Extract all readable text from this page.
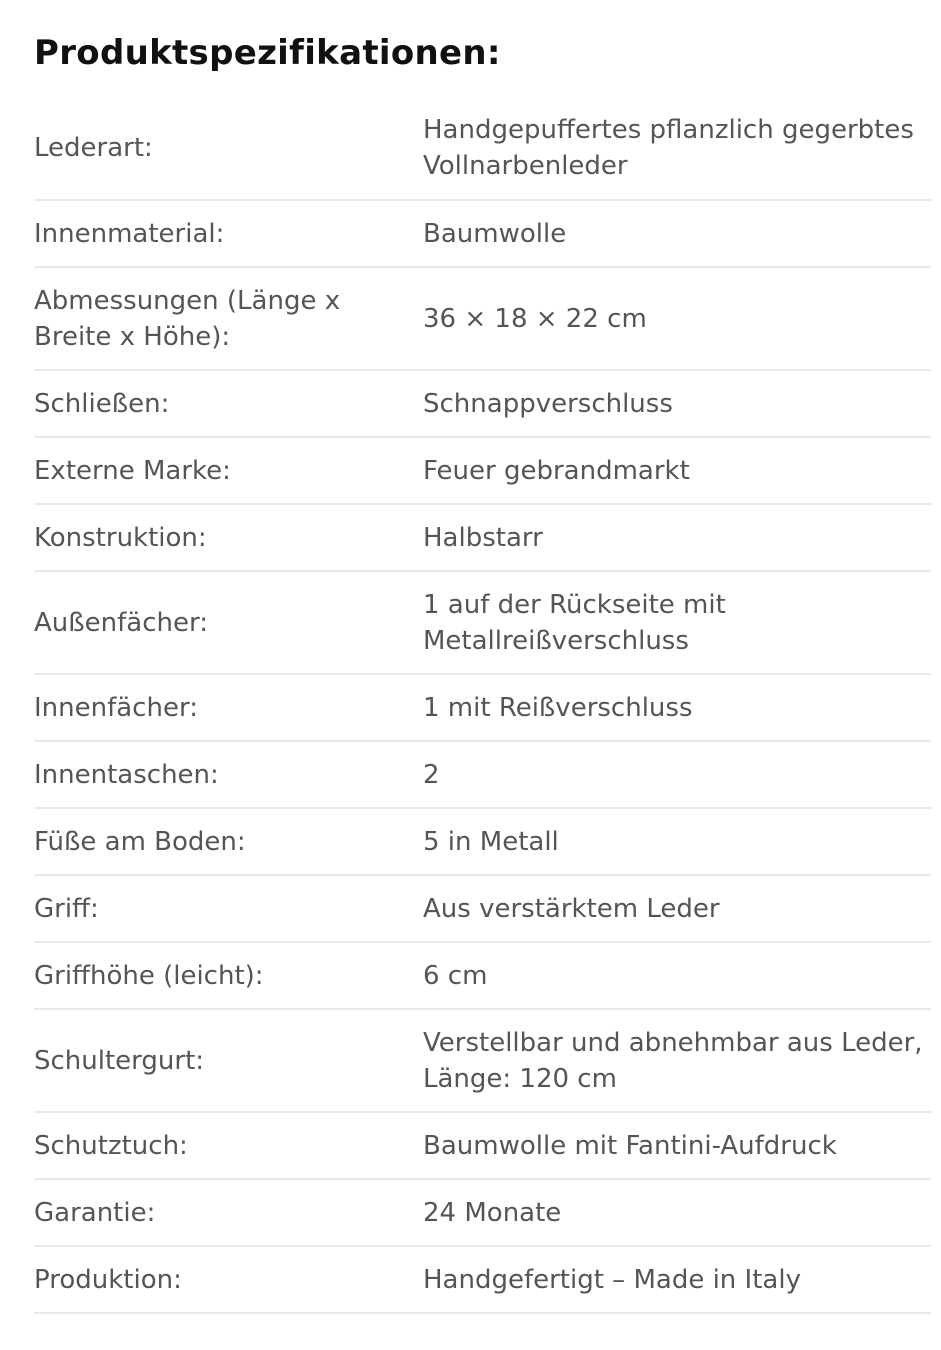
Produktspezifikationen:
Lederart:
Handgepuffertes pflanzlich gegerbtes Vollnarbenleder
Innenmaterial:	Baumwolle
Abmessungen (Länge x Breite x Höhe):
36 × 18 × 22 cm
Schließen:	Schnappverschluss
Externe Marke:	Feuer gebrandmarkt
Konstruktion:	Halbstarr
Außenfächer:
1 auf der Rückseite mit Metallreißverschluss
Innenfächer:	1 mit Reißverschluss
Innentaschen:	2
Füße am Boden:	5 in Metall
Griff:	Aus verstärktem Leder
Griffhöhe (leicht):	6 cm
Schultergurt:
Verstellbar und abnehmbar aus Leder, Länge: 120 cm
Schutztuch:	Baumwolle mit Fantini-Aufdruck
Garantie:	24 Monate
Produktion:	Handgefertigt – Made in Italy
